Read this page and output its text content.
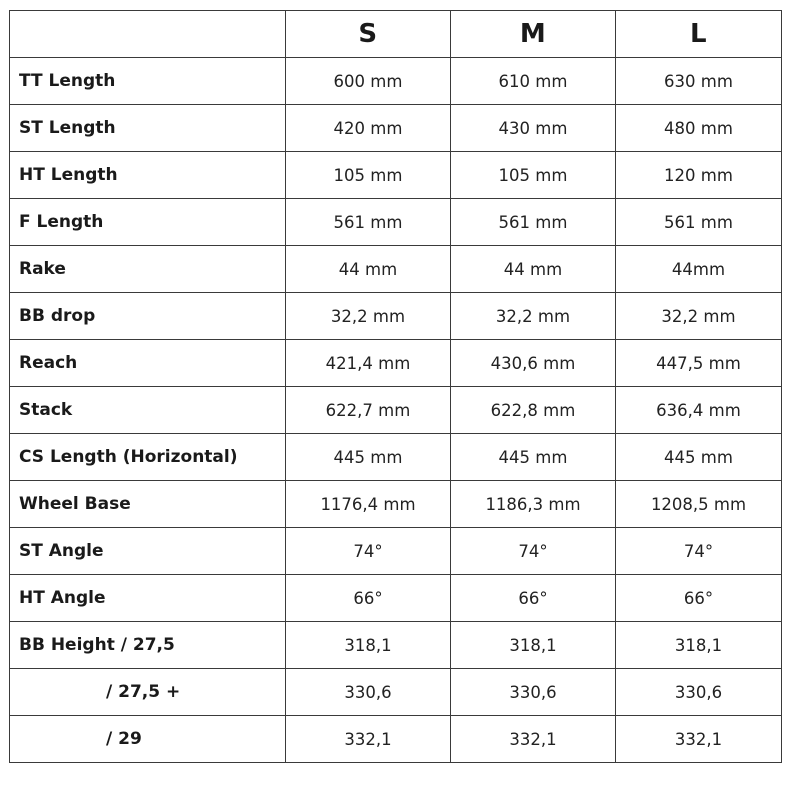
	S	M	L
TT Length	600 mm	610 mm	630 mm
ST Length	420 mm	430 mm	480 mm
HT Length	105 mm	105 mm	120 mm
F Length	561 mm	561 mm	561 mm
Rake	44 mm	44 mm	44mm
BB drop	32,2 mm	32,2 mm	32,2 mm
Reach	421,4 mm	430,6 mm	447,5 mm
Stack	622,7 mm	622,8 mm	636,4 mm
CS Length (Horizontal)	445 mm	445 mm	445 mm
Wheel Base	1176,4 mm	1186,3 mm	1208,5 mm
ST Angle	74°	74°	74°
HT Angle	66°	66°	66°
BB Height / 27,5	318,1	318,1	318,1
/ 27,5 +	330,6	330,6	330,6
/ 29	332,1	332,1	332,1
